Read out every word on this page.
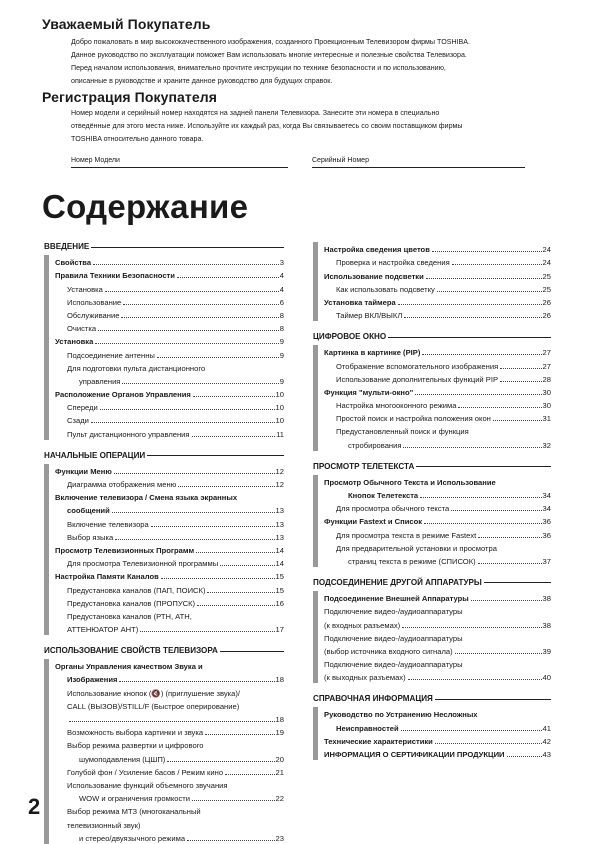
Уважаемый Покупатель
Добро пожаловать в мир высококачественного изображения, созданного Проекционным Телевизором фирмы TOSHIBA.
Данное руководство по эксплуатации поможет Вам использовать многие интересные и полезные свойства Телевизора.
Перед началом использования, внимательно прочтите инструкции по технике безопасности и по использованию,
описанные в руководстве и храните данное руководство для будущих справок.
Регистрация Покупателя
Номер модели и серийный номер находятся на задней панели Телевизора. Занесите эти номера в специально
отведённые для этого места ниже. Используйте их каждый раз, когда Вы связываетесь со своим поставщиком фирмы
TOSHIBA относительно данного товара.
Номер Модели	Серийный Номер
Содержание
ВВЕДЕНИЕ
Свойства	3
Правила Техники Безопасности	4
Установка	4
Использование	6
Обслуживание	8
Очистка	8
Установка	9
Подсоединение антенны	9
Для подготовки пульта дистанционного
управления	9
Расположение Органов Управления	10
Спереди	10
Сзади	10
Пульт дистанционного управления	11
НАЧАЛЬНЫЕ ОПЕРАЦИИ
Функции Меню	12
Диаграмма отображения меню	12
Включение телевизора / Смена языка экранных
сообщений	13
Включение телевизора	13
Выбор языка	13
Просмотр Телевизионных Программ	14
Для просмотра Телевизионной программы	14
Настройка Памяти Каналов	15
Предустановка каналов (ПАП, ПОИСК)	15
Предустановка каналов (ПРОПУСК)	16
Предустановка каналов (РТН, АТН,
АТТЕНЮАТОР АНТ)	17
ИСПОЛЬЗОВАНИЕ СВОЙСТВ ТЕЛЕВИЗОРА
Органы Управления качеством Звука и
Изображения	18
Использование кнопок (🔇) (приглушение звука)/
CALL (ВЫЗОВ)/STILL/F (Быстрое оперирование)
18
Возможность выбора картинки и звука	19
Выбор режима развертки и цифрового
шумоподавления (ЦШП)	20
Голубой фон / Усиление басов / Режим кино	21
Использование функций объемного звучания
WOW и ограничения громкости	22
Выбор режима МТЗ (многоканальный
телевизионный звук)
и стерео/двуязычного режима	23
Настройка сведения цветов	24
Проверка и настройка сведения	24
Использование подсветки	25
Как использовать подсветку	25
Установка таймера	26
Таймер ВКЛ/ВЫКЛ	26
ЦИФРОВОЕ ОКНО
Картинка в картинке (PIP)	27
Отображение вспомогательного изображения	27
Использование дополнительных функций PIP	28
Функция "мульти-окно"	30
Настройка многооконного режима	30
Простой поиск и настройка положения окон	31
Предустановленный поиск и функция
стробирования	32
ПРОСМОТР ТЕЛЕТЕКСТА
Просмотр Обычного Текста и Использование
Кнопок Телетекста	34
Для просмотра обычного текста	34
Функции Fastext и Список	36
Для просмотра текста в режиме Fastext	36
Для предварительной установки и просмотра
страниц текста в режиме (СПИСОК)	37
ПОДСОЕДИНЕНИЕ ДРУГОЙ АППАРАТУРЫ
Подсоединение Внешней Аппаратуры	38
Подключение видео-/аудиоаппаратуры
(к входных разъемах)	38
Подключение видео-/аудиоаппаратуры
(выбор источника входного сигнала)	39
Подключение видео-/аудиоаппаратуры
(к выходных разъемах)	40
СПРАВОЧНАЯ ИНФОРМАЦИЯ
Руководство по Устранению Несложных
Неисправностей	41
Технические характеристики	42
ИНФОРМАЦИЯ О СЕРТИФИКАЦИИ ПРОДУКЦИИ	43
2
